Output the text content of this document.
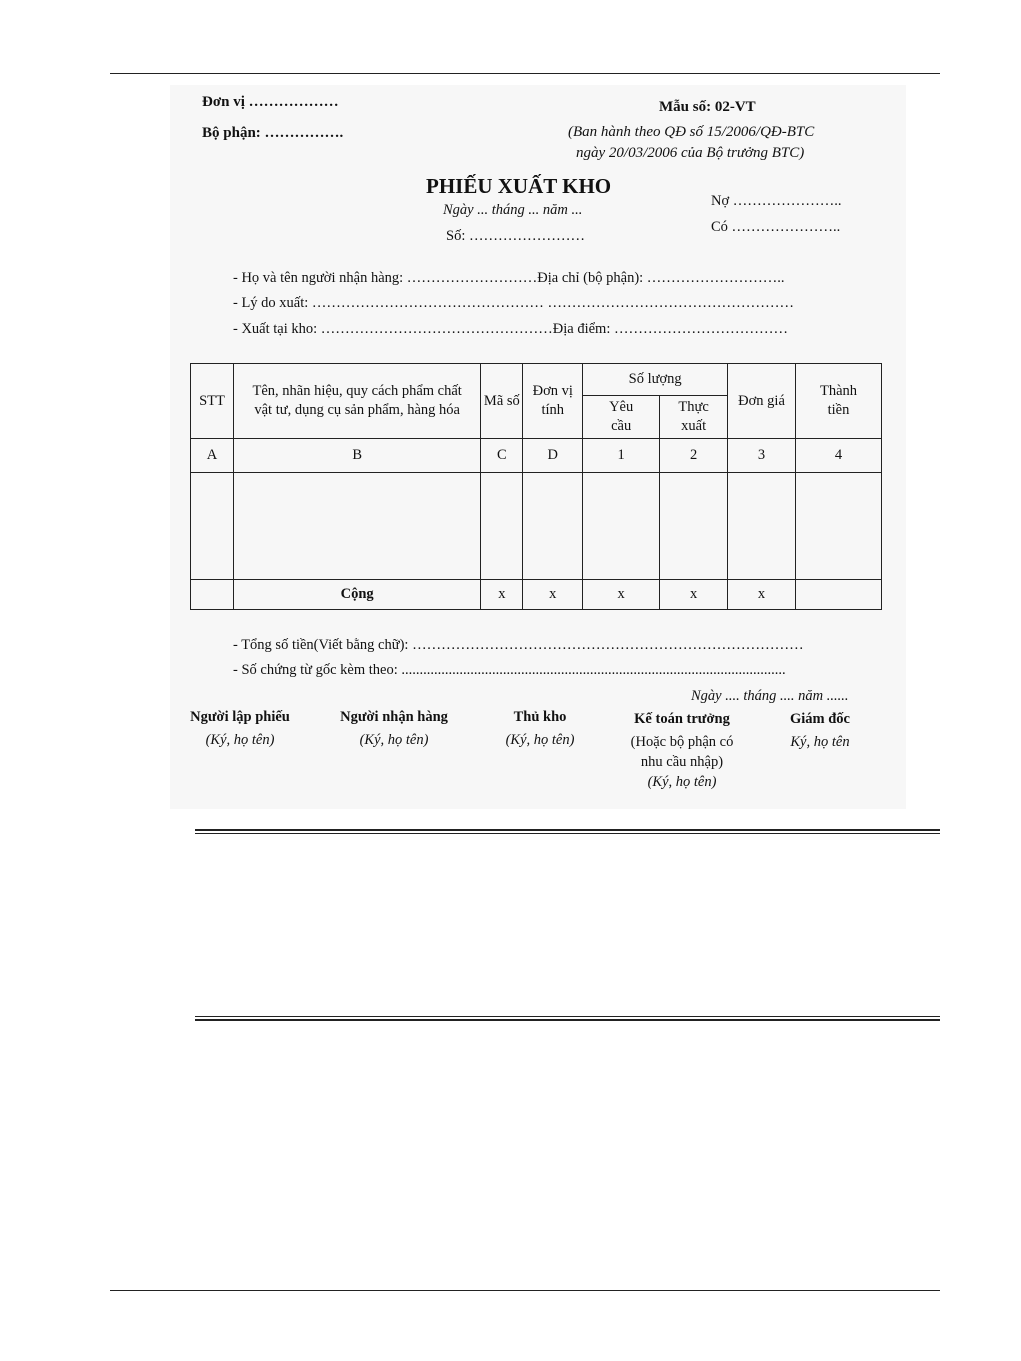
Đơn vị ………………
Bộ phận: …………….
Mẫu số: 02-VT
(Ban hành theo QĐ số 15/2006/QĐ-BTC
ngày 20/03/2006 của Bộ trưởng BTC)
PHIẾU XUẤT KHO
Ngày ... tháng ... năm ...
Số: ……………………
Nợ …………………..
Có …………………..
- Họ và tên người nhận hàng: ………………………Địa chỉ (bộ phận): ………………………..
- Lý do xuất: ………………………………………… ……………………………………………
- Xuất tại kho: …………………………………………Địa điểm: ………………………………
STT	Tên, nhãn hiệu, quy cách phẩm chất vật tư, dụng cụ sản phẩm, hàng hóa	Mã số	Đơn vị tính	Số lượng		Đơn giá	Thành tiền
				Yêu cầu	Thực xuất		
A	B	C	D	1	2	3	4

	Cộng	x	x	x	x	x	
- Tổng số tiền(Viết bằng chữ): ………………………………………………………………………
- Số chứng từ gốc kèm theo: ..........................................................................................................
Ngày .... tháng .... năm ......
Người lập phiếu
(Ký, họ tên)
Người nhận hàng
(Ký, họ tên)
Thủ kho
(Ký, họ tên)
Kế toán trưởng
(Hoặc bộ phận có
nhu cầu nhập)
(Ký, họ tên)
Giám đốc
Ký, họ tên
